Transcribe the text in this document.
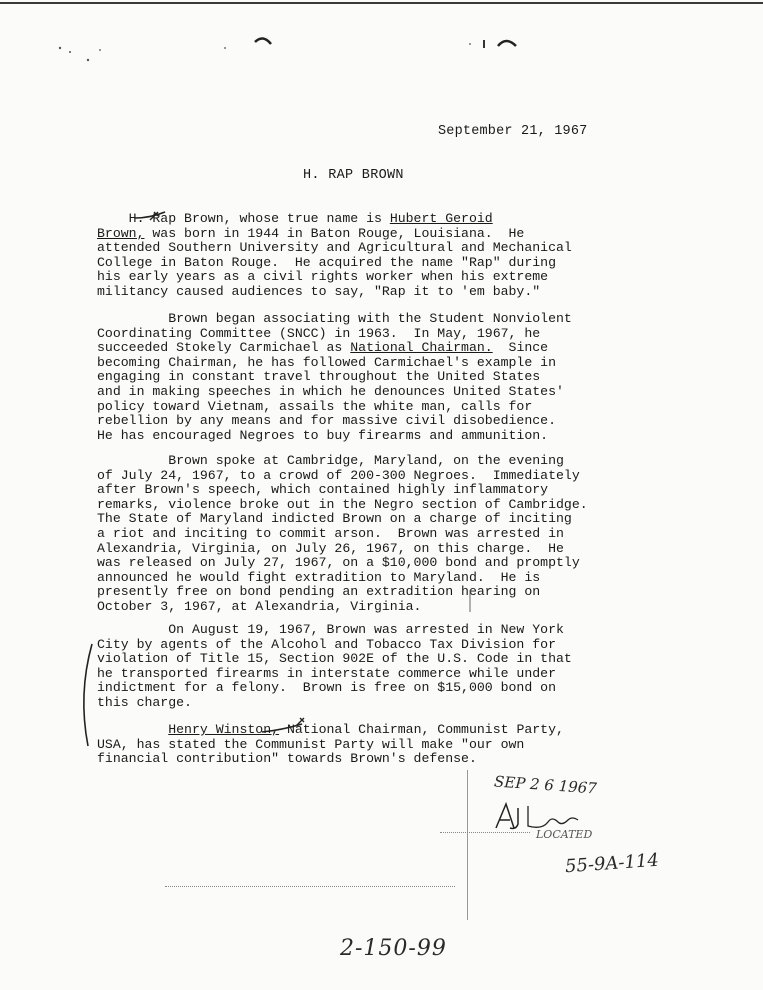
September 21, 1967
H. RAP BROWN

H. Rap Brown, whose true name is Hubert Geroid
Brown, was born in 1944 in Baton Rouge, Louisiana.  He
attended Southern University and Agricultural and Mechanical
College in Baton Rouge.  He acquired the name "Rap" during
his early years as a civil rights worker when his extreme
militancy caused audiences to say, "Rap it to 'em baby."

Brown began associating with the Student Nonviolent
Coordinating Committee (SNCC) in 1963.  In May, 1967, he
succeeded Stokely Carmichael as National Chairman.  Since
becoming Chairman, he has followed Carmichael's example in
engaging in constant travel throughout the United States
and in making speeches in which he denounces United States'
policy toward Vietnam, assails the white man, calls for
rebellion by any means and for massive civil disobedience.
He has encouraged Negroes to buy firearms and ammunition.

Brown spoke at Cambridge, Maryland, on the evening
of July 24, 1967, to a crowd of 200-300 Negroes.  Immediately
after Brown's speech, which contained highly inflammatory
remarks, violence broke out in the Negro section of Cambridge.
The State of Maryland indicted Brown on a charge of inciting
a riot and inciting to commit arson.  Brown was arrested in
Alexandria, Virginia, on July 26, 1967, on this charge.  He
was released on July 27, 1967, on a $10,000 bond and promptly
announced he would fight extradition to Maryland.  He is
presently free on bond pending an extradition hearing on
October 3, 1967, at Alexandria, Virginia.

On August 19, 1967, Brown was arrested in New York
City by agents of the Alcohol and Tobacco Tax Division for
violation of Title 15, Section 902E of the U.S. Code in that
he transported firearms in interstate commerce while under
indictment for a felony.  Brown is free on $15,000 bond on
this charge.

Henry Winston, National Chairman, Communist Party,
USA, has stated the Communist Party will make "our own
financial contribution" towards Brown's defense.

SEP 2 6 1967
LOCATED
55-9A-114
2-150-99
